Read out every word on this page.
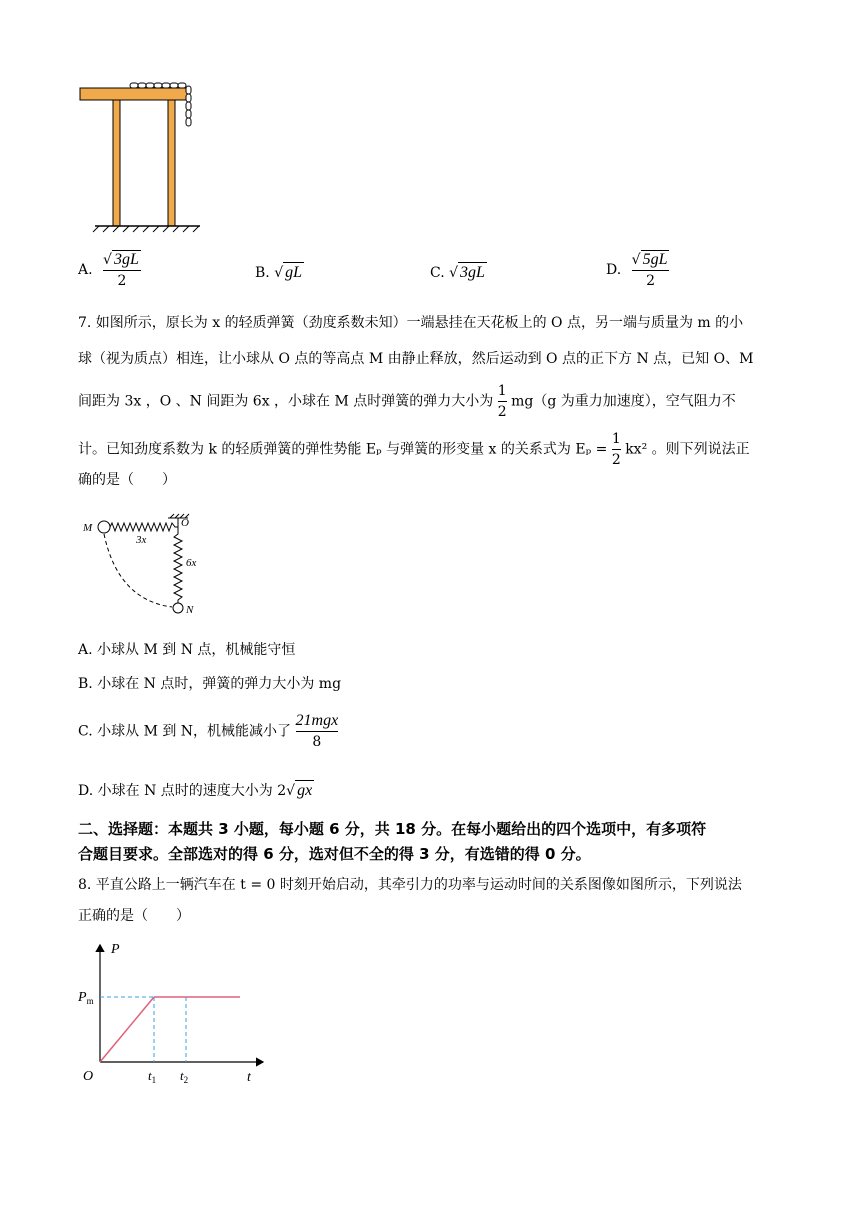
A. $\frac{√ 3gL}{2}$	B. √ gL	C. √ 3gL	D. $\frac{√ 5gL}{2}$
7. 如图所示，原长为 x 的轻质弹簧（劲度系数未知）一端悬挂在天花板上的 O 点，另一端与质量为 m 的小
球（视为质点）相连，让小球从 O 点的等高点 M 由静止释放，然后运动到 O 点的正下方 N 点，已知 O、M
间距为 3x ，O 、N 间距为 6x ，小球在 M 点时弹簧的弹力大小为 $\frac{1}{2} mg(g$ 为重力加速度），空气阻力不
计。已知劲度系数为 k 的轻质弹簧的弹性势能 Eₚ 与弹簧的形变量 x 的关系式为 $E_p = \frac{1}{2} kx^2$ 。则下列说法正
确的是（　　）
M	O
N
3x
6x
A. 小球从 M 到 N 点，机械能守恒
B. 小球在 N 点时，弹簧的弹力大小为 mg
C. 小球从 M 到 N，机械能减小了 $\frac{\text{21mgx}}{8}$
D. 小球在 N 点时的速度大小为 2√ gx
二、选择题：本题共 3 小题，每小题 6 分，共 18 分。在每小题给出的四个选项中，有多项符
合题目要求。全部选对的得 6 分，选对但不全的得 3 分，有选错的得 0 分。
8. 平直公路上一辆汽车在 t = 0 时刻开始启动，其牵引力的功率与运动时间的关系图像如图所示，下列说法
正确的是（　　）
P
t
O
$P_m$
$t_1$ $t_2$
